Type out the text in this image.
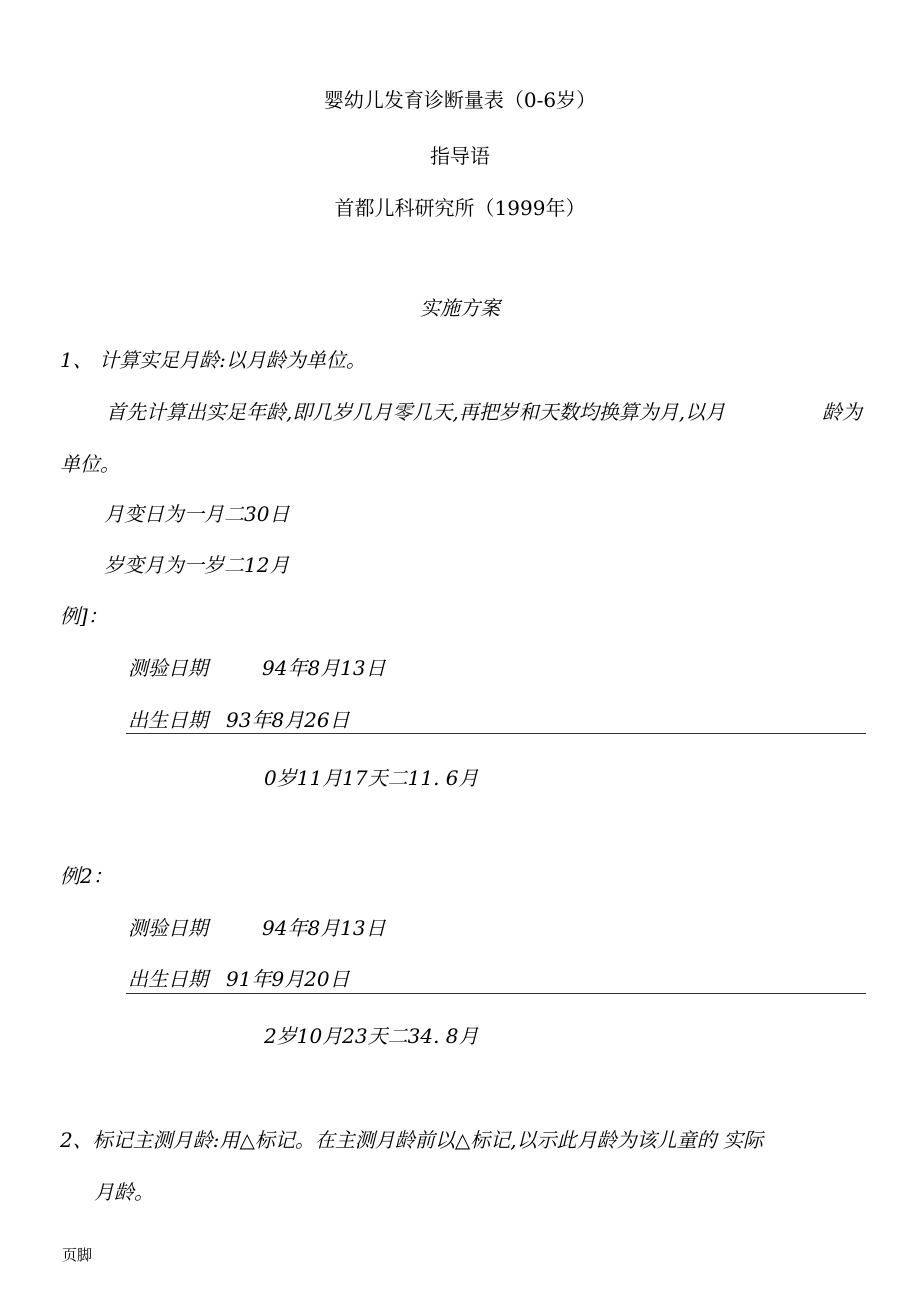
婴幼儿发育诊断量表（0-6岁）
指导语
首都儿科研究所（1999年）
实施方案
1、 计算实足月龄:以月龄为单位。
首先计算出实足年龄,即几岁几月零几天,再把岁和天数均换算为月,以月	龄为
单位。
月变日为一月二30日
岁变月为一岁二12月
例]：
测验日期	94年8月13日
出生日期 93年8月26日
0岁11月17天二11. 6月
例2：
测验日期	94年8月13日
出生日期 91年9月20日
2岁10月23天二34. 8月
2、标记主测月龄:用△标记。在主测月龄前以△标记,以示此月龄为该儿童的 实际
月龄。
页脚
